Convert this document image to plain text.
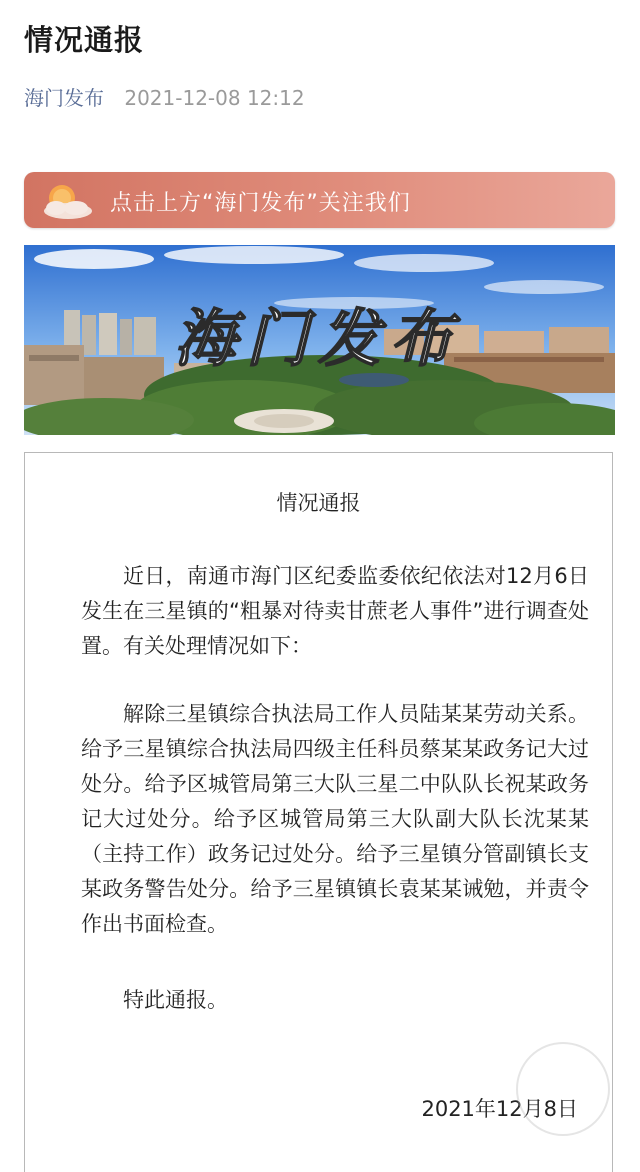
情况通报
海门发布 2021-12-08 12:12
点击上方“海门发布”关注我们
海门发布
情况通报

近日，南通市海门区纪委监委依纪依法对12月6日发生在三星镇的“粗暴对待卖甘蔗老人事件”进行调查处置。有关处理情况如下：

解除三星镇综合执法局工作人员陆某某劳动关系。给予三星镇综合执法局四级主任科员蔡某某政务记大过处分。给予区城管局第三大队三星二中队队长祝某政务记大过处分。给予区城管局第三大队副大队长沈某某（主持工作）政务记过处分。给予三星镇分管副镇长支某政务警告处分。给予三星镇镇长袁某某诫勉，并责令作出书面检查。

特此通报。

2021年12月8日
